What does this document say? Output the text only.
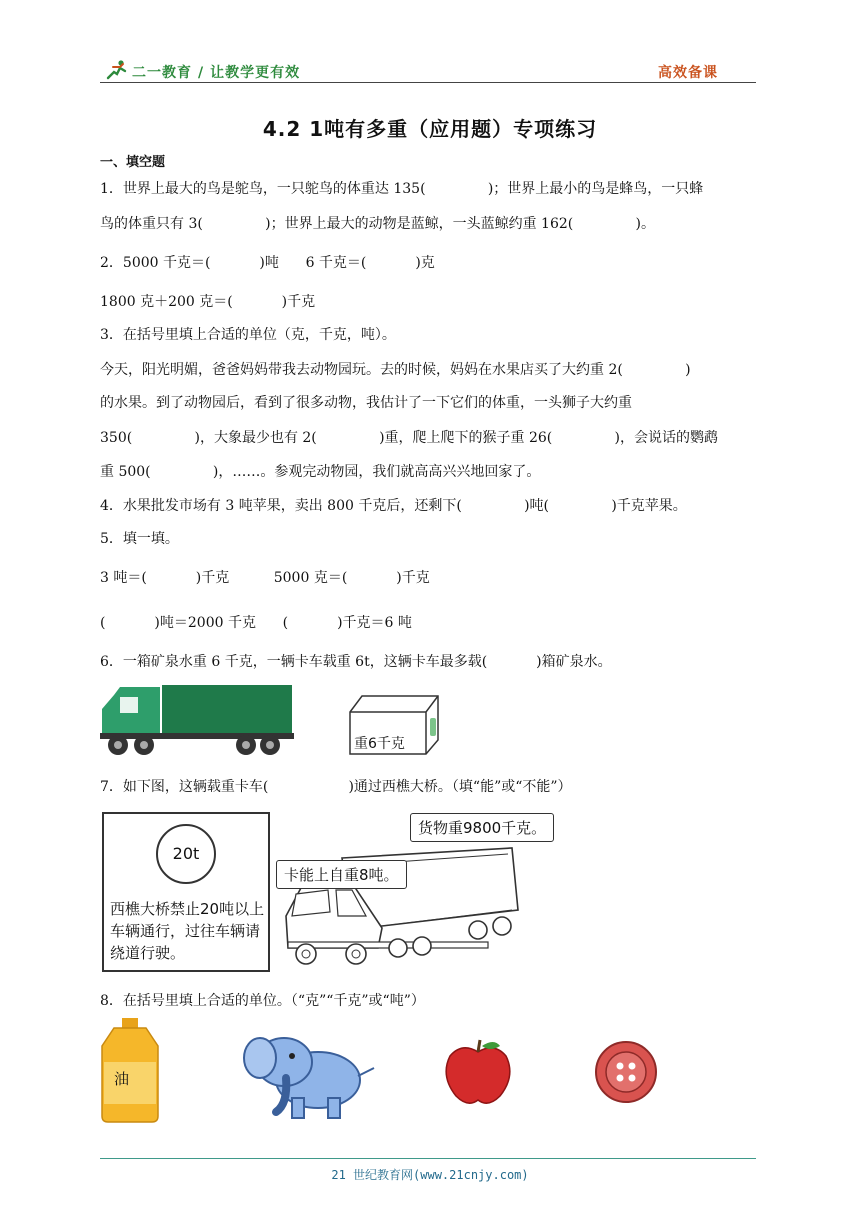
二一教育 / 让教学更有效	高效备课
4.2 1吨有多重（应用题）专项练习
一、填空题
1．世界上最大的鸟是鸵鸟，一只鸵鸟的体重达 135(              )；世界上最小的鸟是蜂鸟，一只蜂
鸟的体重只有 3(              )；世界上最大的动物是蓝鲸，一头蓝鲸约重 162(              )。
2．5000 千克＝(           )吨      6 千克＝(           )克
1800 克＋200 克＝(           )千克
3．在括号里填上合适的单位（克，千克，吨）。
今天，阳光明媚，爸爸妈妈带我去动物园玩。去的时候，妈妈在水果店买了大约重 2(              )
的水果。到了动物园后，看到了很多动物，我估计了一下它们的体重，一头狮子大约重
350(              )，大象最少也有 2(              )重，爬上爬下的猴子重 26(              )，会说话的鹦鹉
重 500(              )，……。参观完动物园，我们就高高兴兴地回家了。
4．水果批发市场有 3 吨苹果，卖出 800 千克后，还剩下(              )吨(              )千克苹果。
5．填一填。
3 吨＝(           )千克          5000 克＝(           )千克
(           )吨＝2000 千克      (           )千克＝6 吨
6．一箱矿泉水重 6 千克，一辆卡车载重 6t，这辆卡车最多载(           )箱矿泉水。
7．如下图，这辆载重卡车(                  )通过西樵大桥。（填“能”或“不能”）
8．在括号里填上合适的单位。（“克”“千克”或“吨”）
重6千克
20t
西樵大桥禁止20吨以上车辆通行，过往车辆请绕道行驶。
货物重9800千克。
卡能上自重8吨。
油
21 世纪教育网(www.21cnjy.com)
